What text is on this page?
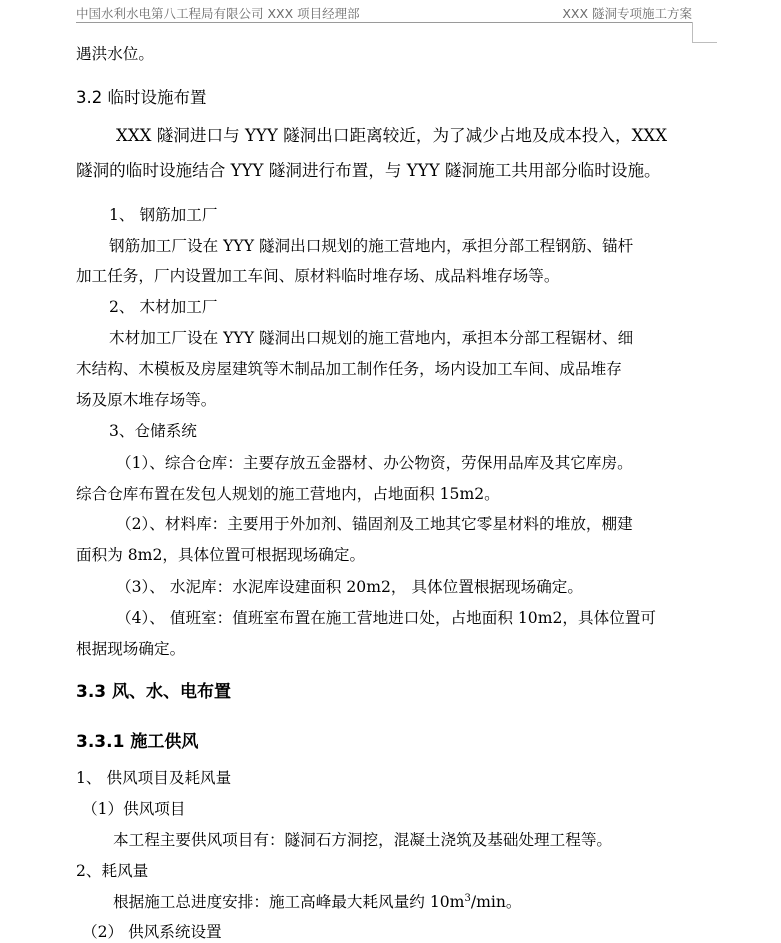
中国水利水电第八工程局有限公司 XXX 项目经理部	XXX 隧洞专项施工方案
遇洪水位。
3.2 临时设施布置
XXX 隧洞进口与 YYY 隧洞出口距离较近，为了减少占地及成本投入，XXX
隧洞的临时设施结合 YYY 隧洞进行布置，与 YYY 隧洞施工共用部分临时设施。
1、 钢筋加工厂
钢筋加工厂设在 YYY 隧洞出口规划的施工营地内，承担分部工程钢筋、锚杆
加工任务，厂内设置加工车间、原材料临时堆存场、成品料堆存场等。
2、 木材加工厂
木材加工厂设在 YYY 隧洞出口规划的施工营地内，承担本分部工程锯材、细
木结构、木模板及房屋建筑等木制品加工制作任务，场内设加工车间、成品堆存
场及原木堆存场等。
3、仓储系统
（1）、综合仓库：主要存放五金器材、办公物资，劳保用品库及其它库房。
综合仓库布置在发包人规划的施工营地内，占地面积 15m2。
（2）、材料库：主要用于外加剂、锚固剂及工地其它零星材料的堆放，棚建
面积为 8m2，具体位置可根据现场确定。
（3）、 水泥库：水泥库设建面积 20m2， 具体位置根据现场确定。
（4）、 值班室：值班室布置在施工营地进口处，占地面积 10m2，具体位置可
根据现场确定。
3.3 风、水、电布置
3.3.1 施工供风
1、 供风项目及耗风量
（1）供风项目
本工程主要供风项目有：隧洞石方洞挖，混凝土浇筑及基础处理工程等。
2、耗风量
根据施工总进度安排：施工高峰最大耗风量约 $10m^3/\min$。
（2） 供风系统设置
